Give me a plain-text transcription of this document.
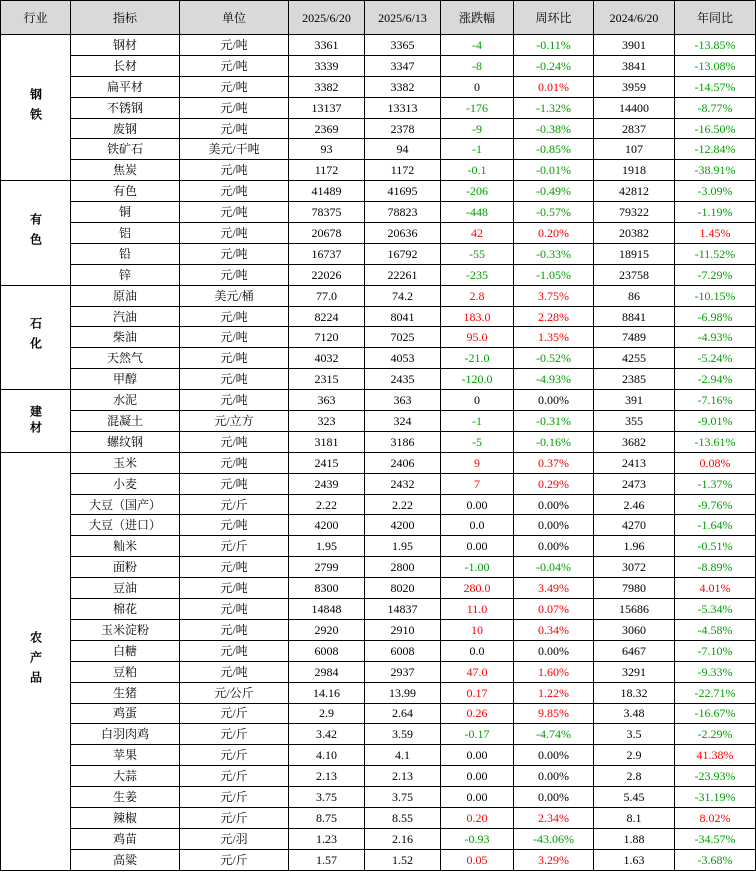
行业	指标	单位	2025/6/20	2025/6/13	涨跌幅	周环比	2024/6/20	年同比

钢铁	钢材	元/吨	3361	3365	-4	-0.11%	3901	-13.85%
	长材	元/吨	3339	3347	-8	-0.24%	3841	-13.08%
	扁平材	元/吨	3382	3382	0	0.01%	3959	-14.57%
	不锈钢	元/吨	13137	13313	-176	-1.32%	14400	-8.77%
	废钢	元/吨	2369	2378	-9	-0.38%	2837	-16.50%
	铁矿石	美元/干吨	93	94	-1	-0.85%	107	-12.84%
	焦炭	元/吨	1172	1172	-0.1	-0.01%	1918	-38.91%

有色	有色	元/吨	41489	41695	-206	-0.49%	42812	-3.09%
	铜	元/吨	78375	78823	-448	-0.57%	79322	-1.19%
	铝	元/吨	20678	20636	42	0.20%	20382	1.45%
	铅	元/吨	16737	16792	-55	-0.33%	18915	-11.52%
	锌	元/吨	22026	22261	-235	-1.05%	23758	-7.29%

石化	原油	美元/桶	77.0	74.2	2.8	3.75%	86	-10.15%
	汽油	元/吨	8224	8041	183.0	2.28%	8841	-6.98%
	柴油	元/吨	7120	7025	95.0	1.35%	7489	-4.93%
	天然气	元/吨	4032	4053	-21.0	-0.52%	4255	-5.24%
	甲醇	元/吨	2315	2435	-120.0	-4.93%	2385	-2.94%

建材	水泥	元/吨	363	363	0	0.00%	391	-7.16%
	混凝土	元/立方	323	324	-1	-0.31%	355	-9.01%
	螺纹钢	元/吨	3181	3186	-5	-0.16%	3682	-13.61%

农产品	玉米	元/吨	2415	2406	9	0.37%	2413	0.08%
	小麦	元/吨	2439	2432	7	0.29%	2473	-1.37%
	大豆（国产）	元/斤	2.22	2.22	0.00	0.00%	2.46	-9.76%
	大豆（进口）	元/吨	4200	4200	0.0	0.00%	4270	-1.64%
	籼米	元/斤	1.95	1.95	0.00	0.00%	1.96	-0.51%
	面粉	元/吨	2799	2800	-1.00	-0.04%	3072	-8.89%
	豆油	元/吨	8300	8020	280.0	3.49%	7980	4.01%
	棉花	元/吨	14848	14837	11.0	0.07%	15686	-5.34%
	玉米淀粉	元/吨	2920	2910	10	0.34%	3060	-4.58%
	白糖	元/吨	6008	6008	0.0	0.00%	6467	-7.10%
	豆粕	元/吨	2984	2937	47.0	1.60%	3291	-9.33%
	生猪	元/公斤	14.16	13.99	0.17	1.22%	18.32	-22.71%
	鸡蛋	元/斤	2.9	2.64	0.26	9.85%	3.48	-16.67%
	白羽肉鸡	元/斤	3.42	3.59	-0.17	-4.74%	3.5	-2.29%
	苹果	元/斤	4.10	4.1	0.00	0.00%	2.9	41.38%
	大蒜	元/斤	2.13	2.13	0.00	0.00%	2.8	-23.93%
	生姜	元/斤	3.75	3.75	0.00	0.00%	5.45	-31.19%
	辣椒	元/斤	8.75	8.55	0.20	2.34%	8.1	8.02%
	鸡苗	元/羽	1.23	2.16	-0.93	-43.06%	1.88	-34.57%
	高粱	元/斤	1.57	1.52	0.05	3.29%	1.63	-3.68%
